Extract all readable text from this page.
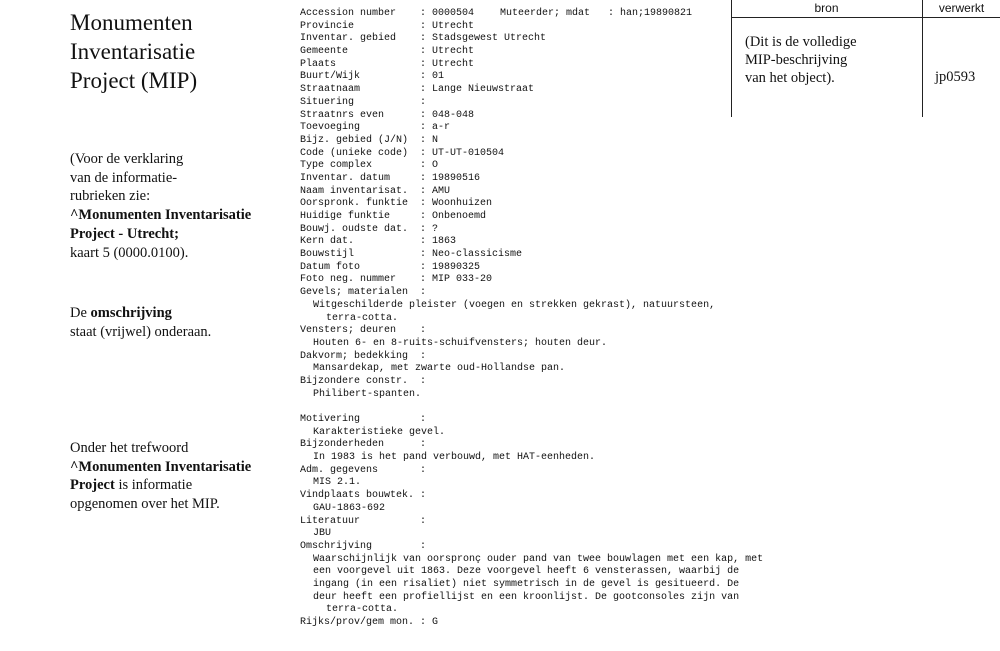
Monumenten
Inventarisatie
Project (MIP)
(Voor de verklaring
van de informatie-
rubrieken zie:
^Monumenten Inventarisatie
Project - Utrecht;
kaart 5 (0000.0100).
De omschrijving
staat (vrijwel) onderaan.
Onder het trefwoord
^Monumenten Inventarisatie
Project is informatie
opgenomen over het MIP.
bron	verwerkt
(Dit is de volledige
MIP-beschrijving
van het object).	jp0593
Accession number	: 0000504	Muteerder; mdat : han;19890821
Provincie	: Utrecht
Inventar. gebied	: Stadsgewest Utrecht
Gemeente	: Utrecht
Plaats	: Utrecht
Buurt/Wijk	: 01
Straatnaam	: Lange Nieuwstraat
Situering	:
Straatnrs even	: 048-048
Toevoeging	: a-r
Bijz. gebied (J/N)	: N
Code (unieke code)	: UT-UT-010504
Type complex	: O
Inventar. datum	: 19890516
Naam inventarisat.	: AMU
Oorspronk. funktie	: Woonhuizen
Huidige funktie	: Onbenoemd
Bouwj. oudste dat.	: ?
Kern dat.	: 1863
Bouwstijl	: Neo-classicisme
Datum foto	: 19890325
Foto neg. nummer	: MIP 033-20
Gevels; materialen	:
Witgeschilderde pleister (voegen en strekken gekrast), natuursteen,
terra-cotta.
Vensters; deuren	:
Houten 6- en 8-ruits-schuifvensters; houten deur.
Dakvorm; bedekking	:
Mansardekap, met zwarte oud-Hollandse pan.
Bijzondere constr.	:
Philibert-spanten.
Motivering	:
Karakteristieke gevel.
Bijzonderheden	:
In 1983 is het pand verbouwd, met HAT-eenheden.
Adm. gegevens	:
MIS 2.1.
Vindplaats bouwtek. :
GAU-1863-692
Literatuur	:
JBU
Omschrijving	:
Waarschijnlijk van oorspronç ouder pand van twee bouwlagen met een kap, met
een voorgevel uit 1863. Deze voorgevel heeft 6 vensterassen, waarbij de
ingang (in een risaliet) niet symmetrisch in de gevel is gesitueerd. De
deur heeft een profiellijst en een kroonlijst. De gootconsoles zijn van
terra-cotta.
Rijks/prov/gem mon. : G
